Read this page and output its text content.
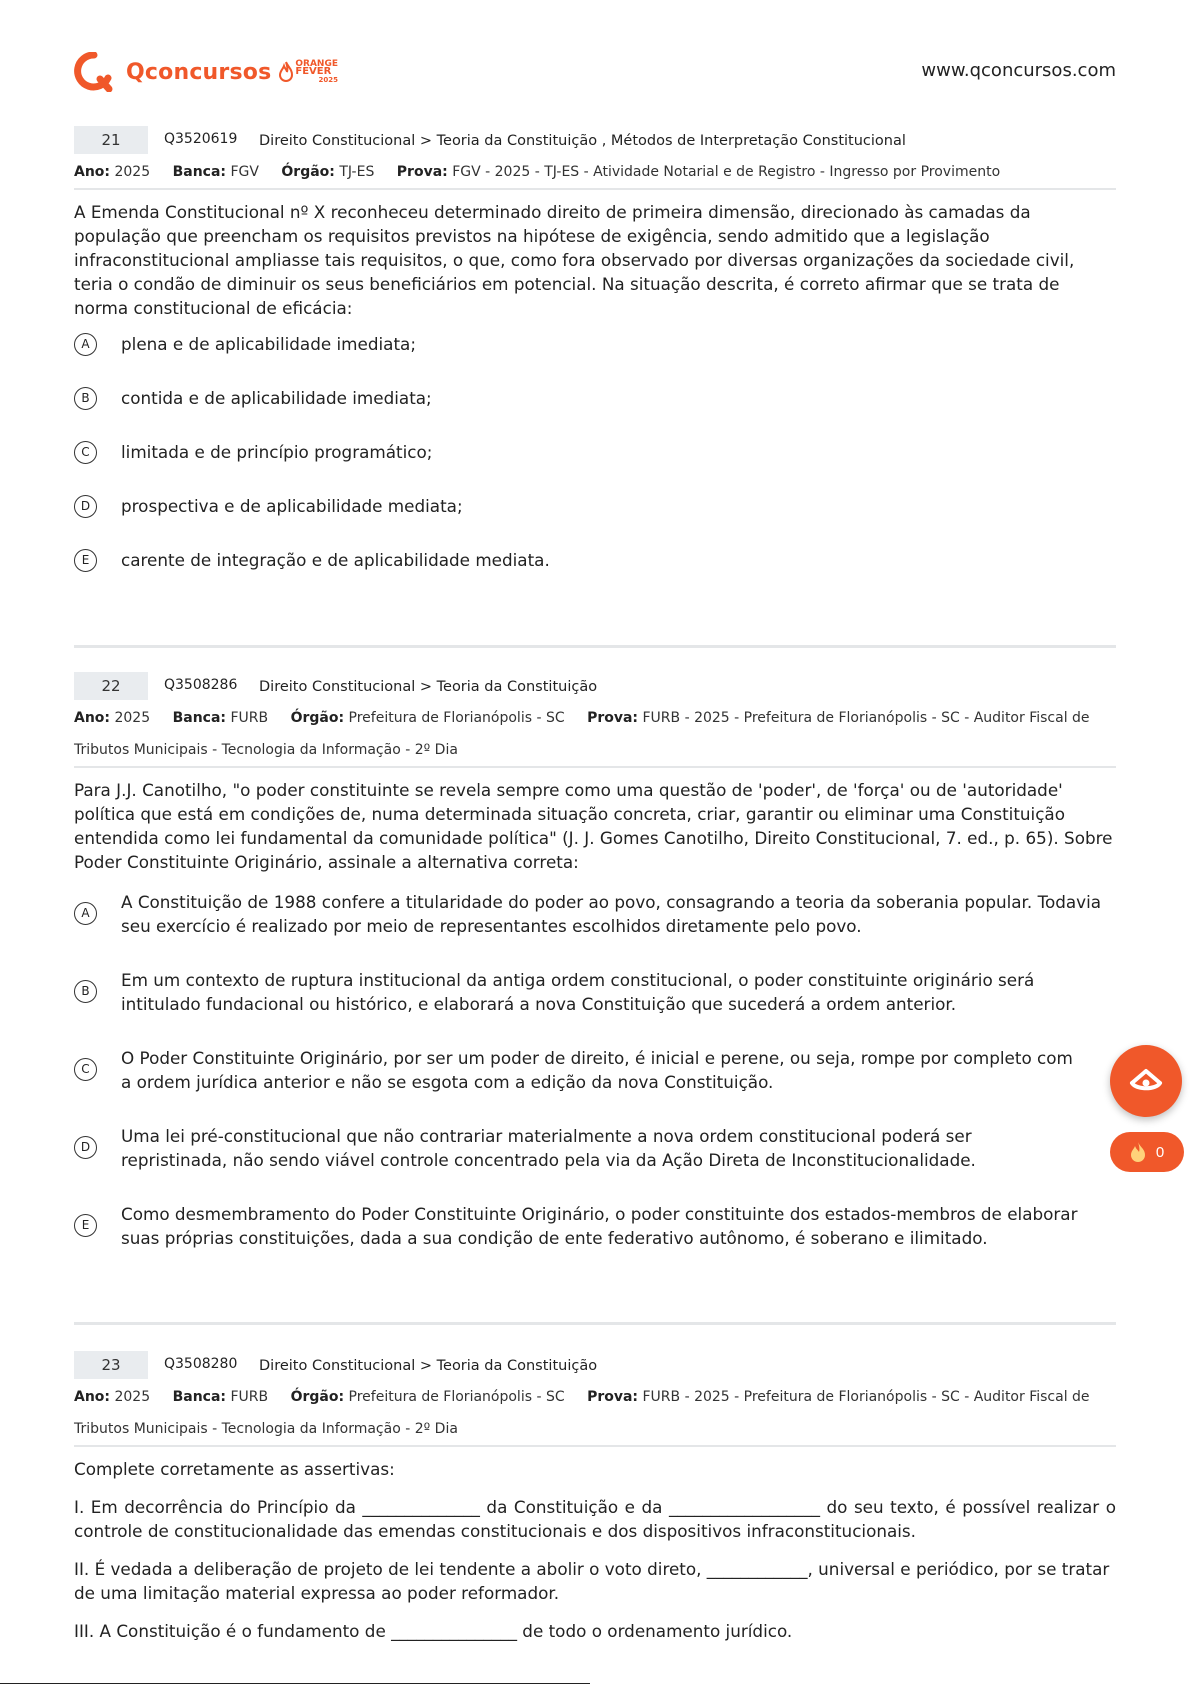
Qconcursos	ORANGE
FEVER
2025	www.qconcursos.com
21	Q3520619 Direito Constitucional > Teoria da Constituição , Métodos de Interpretação Constitucional
Ano: 2025 Banca: FGV Órgão: TJ-ES Prova: FGV - 2025 - TJ-ES - Atividade Notarial e de Registro - Ingresso por Provimento
A Emenda Constitucional nº X reconheceu determinado direito de primeira dimensão, direcionado às camadas da população que preencham os requisitos previstos na hipótese de exigência, sendo admitido que a legislação infraconstitucional ampliasse tais requisitos, o que, como fora observado por diversas organizações da sociedade civil, teria o condão de diminuir os seus beneficiários em potencial. Na situação descrita, é correto afirmar que se trata de norma constitucional de eficácia:
A	plena e de aplicabilidade imediata;
B	contida e de aplicabilidade imediata;
C	limitada e de princípio programático;
D	prospectiva e de aplicabilidade mediata;
E	carente de integração e de aplicabilidade mediata.
22	Q3508286 Direito Constitucional > Teoria da Constituição
Ano: 2025 Banca: FURB Órgão: Prefeitura de Florianópolis - SC Prova: FURB - 2025 - Prefeitura de Florianópolis - SC - Auditor Fiscal de Tributos Municipais - Tecnologia da Informação - 2º Dia
Para J.J. Canotilho, "o poder constituinte se revela sempre como uma questão de 'poder', de 'força' ou de 'autoridade' política que está em condições de, numa determinada situação concreta, criar, garantir ou eliminar uma Constituição entendida como lei fundamental da comunidade política" (J. J. Gomes Canotilho, Direito Constitucional, 7. ed., p. 65). Sobre Poder Constituinte Originário, assinale a alternativa correta:
A
A Constituição de 1988 confere a titularidade do poder ao povo, consagrando a teoria da soberania popular. Todavia seu exercício é realizado por meio de representantes escolhidos diretamente pelo povo.
B
Em um contexto de ruptura institucional da antiga ordem constitucional, o poder constituinte originário será intitulado fundacional ou histórico, e elaborará a nova Constituição que sucederá a ordem anterior.
C
O Poder Constituinte Originário, por ser um poder de direito, é inicial e perene, ou seja, rompe por completo com a ordem jurídica anterior e não se esgota com a edição da nova Constituição.
D
Uma lei pré-constitucional que não contrariar materialmente a nova ordem constitucional poderá ser repristinada, não sendo viável controle concentrado pela via da Ação Direta de Inconstitucionalidade.
E
Como desmembramento do Poder Constituinte Originário, o poder constituinte dos estados-membros de elaborar suas próprias constituições, dada a sua condição de ente federativo autônomo, é soberano e ilimitado.
23	Q3508280 Direito Constitucional > Teoria da Constituição
Ano: 2025 Banca: FURB Órgão: Prefeitura de Florianópolis - SC Prova: FURB - 2025 - Prefeitura de Florianópolis - SC - Auditor Fiscal de Tributos Municipais - Tecnologia da Informação - 2º Dia
Complete corretamente as assertivas:
I. Em decorrência do Princípio da ______________ da Constituição e da __________________ do seu texto, é possível realizar o controle de constitucionalidade das emendas constitucionais e dos dispositivos infraconstitucionais.
II. É vedada a deliberação de projeto de lei tendente a abolir o voto direto, ____________, universal e periódico, por se tratar de uma limitação material expressa ao poder reformador.
III. A Constituição é o fundamento de _______________ de todo o ordenamento jurídico.
0
